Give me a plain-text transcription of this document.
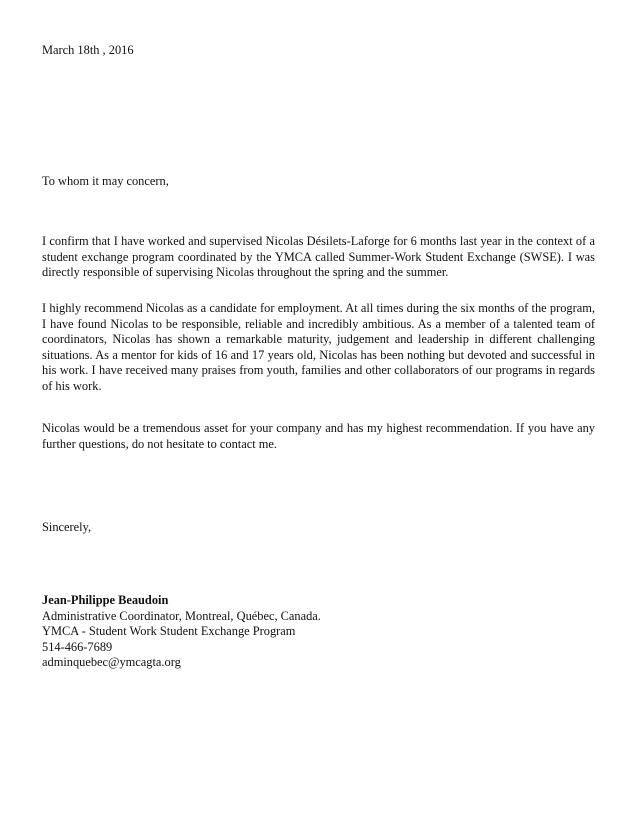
March 18th , 2016
To whom it may concern,
I confirm that I have worked and supervised Nicolas Désilets-Laforge for 6 months last year in the context of a student exchange program coordinated by the YMCA called Summer-Work Student Exchange (SWSE). I was directly responsible of supervising Nicolas throughout the spring and the summer.
I highly recommend Nicolas as a candidate for employment. At all times during the six months of the program, I have found Nicolas to be responsible, reliable and incredibly ambitious. As a member of a talented team of coordinators, Nicolas has shown a remarkable maturity, judgement and leadership in different challenging situations. As a mentor for kids of 16 and 17 years old, Nicolas has been nothing but devoted and successful in his work. I have received many praises from youth, families and other collaborators of our programs in regards of his work.
Nicolas would be a tremendous asset for your company and has my highest recommendation. If you have any further questions, do not hesitate to contact me.
Sincerely,
Jean-Philippe Beaudoin
Administrative Coordinator, Montreal, Québec, Canada.
YMCA - Student Work Student Exchange Program
514-466-7689
adminquebec@ymcagta.org
